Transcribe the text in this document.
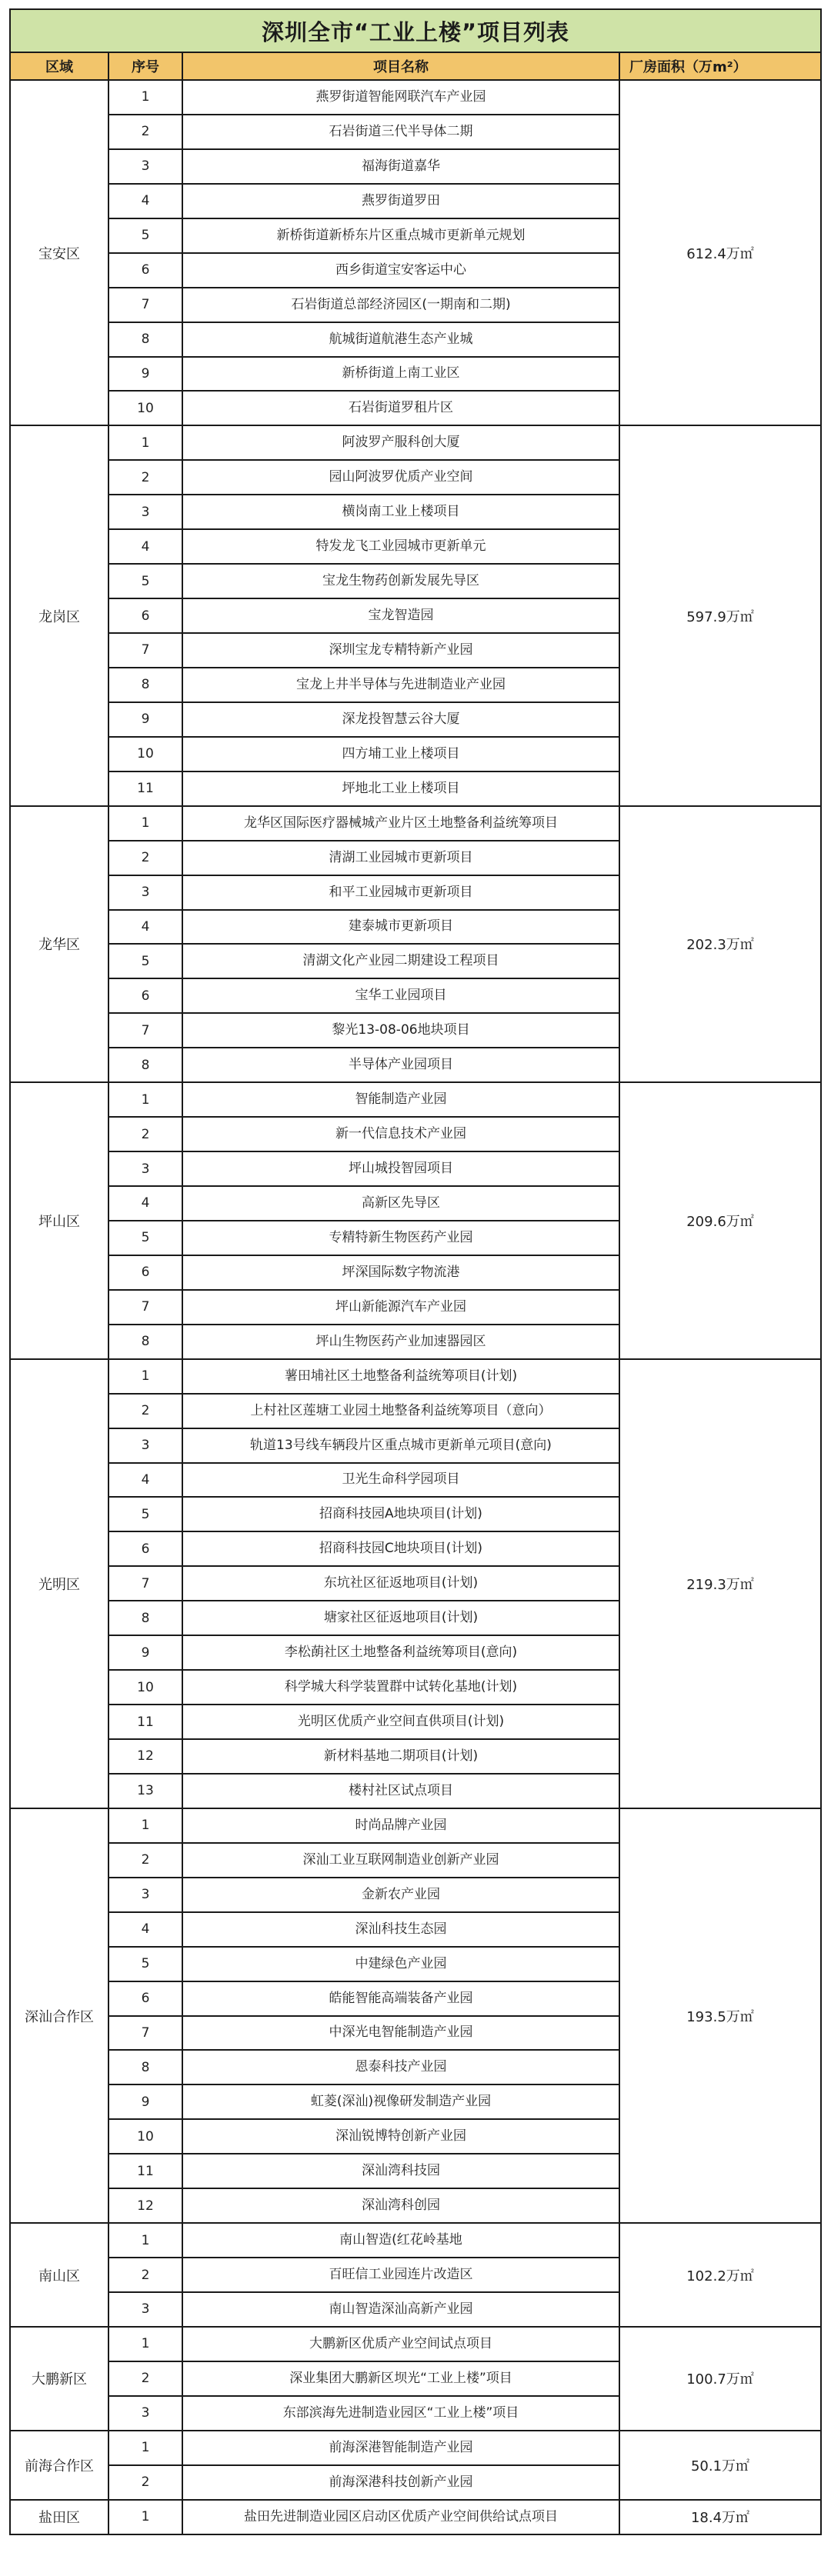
深圳全市“工业上楼”项目列表			
区域	序号	项目名称	厂房面积（万m²）
宝安区	1	燕罗街道智能网联汽车产业园	612.4万㎡
	2	石岩街道三代半导体二期	
	3	福海街道嘉华	
	4	燕罗街道罗田	
	5	新桥街道新桥东片区重点城市更新单元规划	
	6	西乡街道宝安客运中心	
	7	石岩街道总部经济园区(一期南和二期)	
	8	航城街道航港生态产业城	
	9	新桥街道上南工业区	
	10	石岩街道罗租片区	
龙岗区	1	阿波罗产服科创大厦	597.9万㎡
	2	园山阿波罗优质产业空间	
	3	横岗南工业上楼项目	
	4	特发龙飞工业园城市更新单元	
	5	宝龙生物药创新发展先导区	
	6	宝龙智造园	
	7	深圳宝龙专精特新产业园	
	8	宝龙上井半导体与先进制造业产业园	
	9	深龙投智慧云谷大厦	
	10	四方埔工业上楼项目	
	11	坪地北工业上楼项目	
龙华区	1	龙华区国际医疗器械城产业片区土地整备利益统筹项目	202.3万㎡
	2	清湖工业园城市更新项目	
	3	和平工业园城市更新项目	
	4	建泰城市更新项目	
	5	清湖文化产业园二期建设工程项目	
	6	宝华工业园项目	
	7	黎光13-08-06地块项目	
	8	半导体产业园项目	
坪山区	1	智能制造产业园	209.6万㎡
	2	新一代信息技术产业园	
	3	坪山城投智园项目	
	4	高新区先导区	
	5	专精特新生物医药产业园	
	6	坪深国际数字物流港	
	7	坪山新能源汽车产业园	
	8	坪山生物医药产业加速器园区	
光明区	1	薯田埔社区土地整备利益统筹项目(计划)	219.3万㎡
	2	上村社区莲塘工业园土地整备利益统筹项目（意向）	
	3	轨道13号线车辆段片区重点城市更新单元项目(意向)	
	4	卫光生命科学园项目	
	5	招商科技园A地块项目(计划)	
	6	招商科技园C地块项目(计划)	
	7	东坑社区征返地项目(计划)	
	8	塘家社区征返地项目(计划)	
	9	李松蓢社区土地整备利益统筹项目(意向)	
	10	科学城大科学装置群中试转化基地(计划)	
	11	光明区优质产业空间直供项目(计划)	
	12	新材料基地二期项目(计划)	
	13	楼村社区试点项目	
深汕合作区	1	时尚品牌产业园	193.5万㎡
	2	深汕工业互联网制造业创新产业园	
	3	金新农产业园	
	4	深汕科技生态园	
	5	中建绿色产业园	
	6	皓能智能高端装备产业园	
	7	中深光电智能制造产业园	
	8	恩泰科技产业园	
	9	虹菱(深汕)视像研发制造产业园	
	10	深汕锐博特创新产业园	
	11	深汕湾科技园	
	12	深汕湾科创园	
南山区	1	南山智造(红花岭基地	102.2万㎡
	2	百旺信工业园连片改造区	
	3	南山智造深汕高新产业园	
大鹏新区	1	大鹏新区优质产业空间试点项目	100.7万㎡
	2	深业集团大鹏新区坝光“工业上楼”项目	
	3	东部滨海先进制造业园区“工业上楼”项目	
前海合作区	1	前海深港智能制造产业园	50.1万㎡
	2	前海深港科技创新产业园	
盐田区	1	盐田先进制造业园区启动区优质产业空间供给试点项目	18.4万㎡
